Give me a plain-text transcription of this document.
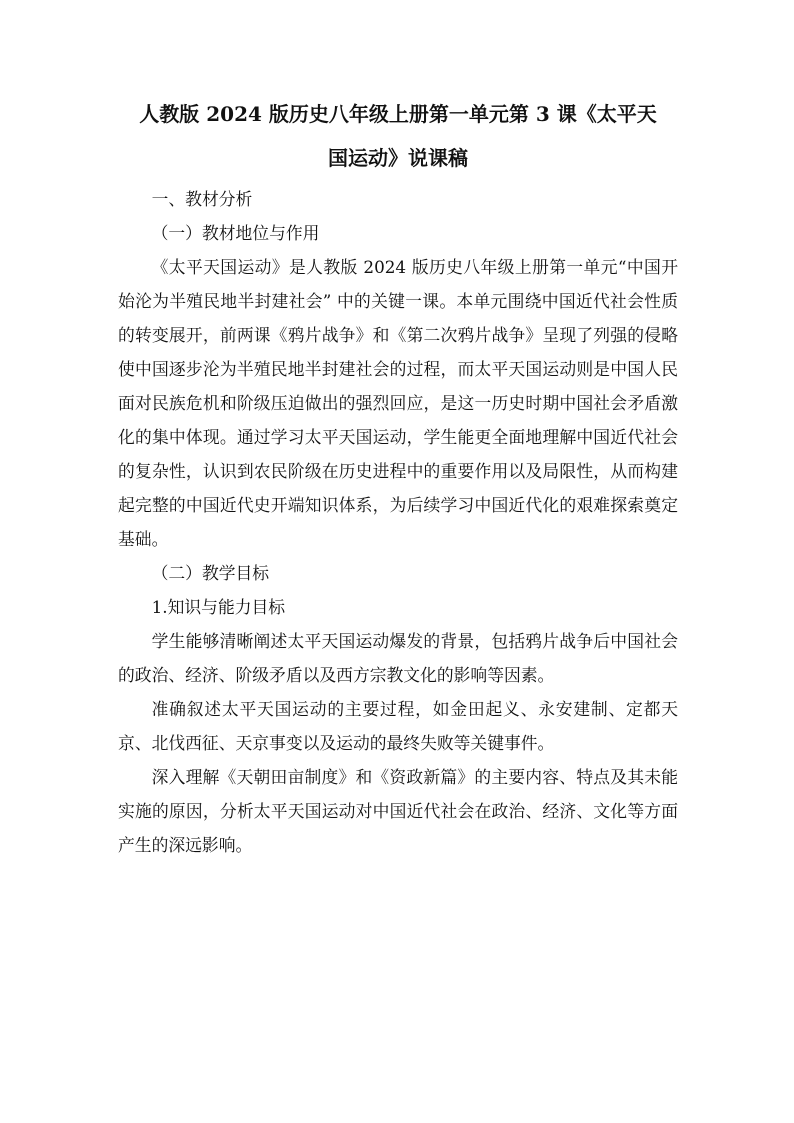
人教版 2024 版历史八年级上册第一单元第 3 课《太平天
国运动》说课稿

一、教材分析

（一）教材地位与作用

《太平天国运动》是人教版 2024 版历史八年级上册第一单元“中国开始沦为半殖民地半封建社会” 中的关键一课。本单元围绕中国近代社会性质的转变展开，前两课《鸦片战争》和《第二次鸦片战争》呈现了列强的侵略使中国逐步沦为半殖民地半封建社会的过程，而太平天国运动则是中国人民面对民族危机和阶级压迫做出的强烈回应，是这一历史时期中国社会矛盾激化的集中体现。通过学习太平天国运动，学生能更全面地理解中国近代社会的复杂性，认识到农民阶级在历史进程中的重要作用以及局限性，从而构建起完整的中国近代史开端知识体系，为后续学习中国近代化的艰难探索奠定基础。

（二）教学目标

1.知识与能力目标

学生能够清晰阐述太平天国运动爆发的背景，包括鸦片战争后中国社会的政治、经济、阶级矛盾以及西方宗教文化的影响等因素。

准确叙述太平天国运动的主要过程，如金田起义、永安建制、定都天京、北伐西征、天京事变以及运动的最终失败等关键事件。

深入理解《天朝田亩制度》和《资政新篇》的主要内容、特点及其未能实施的原因，分析太平天国运动对中国近代社会在政治、经济、文化等方面产生的深远影响。
